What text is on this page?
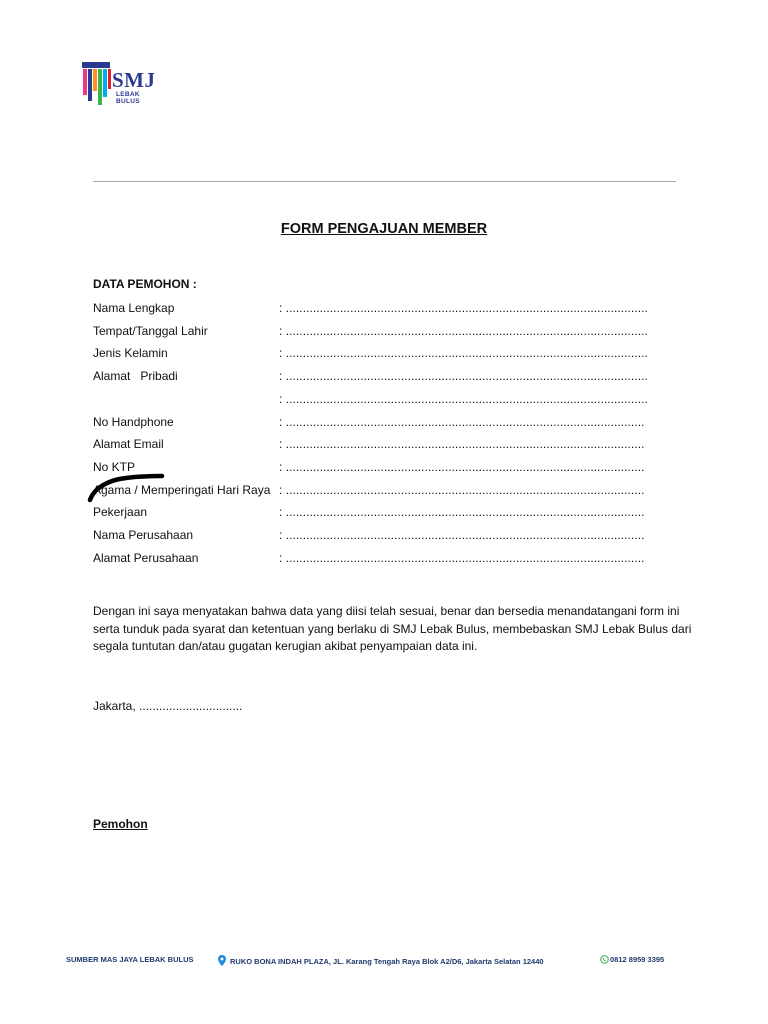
SMJ
LEBAK
BULUS
FORM PENGAJUAN MEMBER
DATA PEMOHON :
Nama Lengkap	: ...........................................................................................................
Tempat/Tanggal Lahir	: ...........................................................................................................
Jenis Kelamin	: ...........................................................................................................
Alamat   Pribadi	: ...........................................................................................................
: ...........................................................................................................
No Handphone	: ..........................................................................................................
Alamat Email	: ..........................................................................................................
No KTP	: ..........................................................................................................
Agama / Memperingati Hari Raya : ..........................................................................................................
Pekerjaan	: ..........................................................................................................
Nama Perusahaan	: ..........................................................................................................
Alamat Perusahaan	: ..........................................................................................................
Dengan ini saya menyatakan bahwa data yang diisi telah sesuai, benar dan bersedia menandatangani form ini
serta tunduk pada syarat dan ketentuan yang berlaku di SMJ Lebak Bulus, membebaskan SMJ Lebak Bulus dari
segala tuntutan dan/atau gugatan kerugian akibat penyampaian data ini.
Jakarta, ...............................
Pemohon
SUMBER MAS JAYA LEBAK BULUS	RUKO BONA INDAH PLAZA, JL. Karang Tengah Raya Blok A2/D6, Jakarta Selatan 12440	0812 8959 3395
